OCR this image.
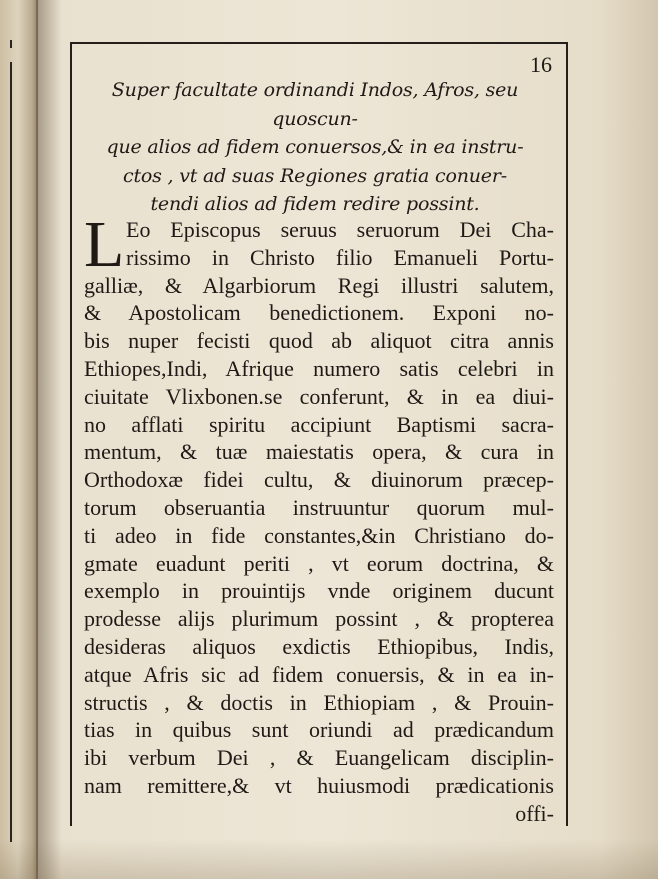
16
Super facultate ordinandi Indos, Afros, seu quoscun-
que alios ad fidem conuersos,& in ea instru-
ctos , vt ad suas Regiones gratia conuer-
tendi alios ad fidem redire possint.
L Eo Episcopus seruus seruorum Dei Cha-
rissimo in Christo filio Emanueli Portu-
galliæ, & Algarbiorum Regi illustri salutem,
& Apostolicam benedictionem. Exponi no-
bis nuper fecisti quod ab aliquot citra annis
Ethiopes,Indi, Afrique numero satis celebri in
ciuitate Vlixbonen.se conferunt, & in ea diui-
no afflati spiritu accipiunt Baptismi sacra-
mentum, & tuæ maiestatis opera, & cura in
Orthodoxæ fidei cultu, & diuinorum præcep-
torum obseruantia instruuntur quorum mul-
ti adeo in fide constantes,&in Christiano do-
gmate euadunt periti , vt eorum doctrina, &
exemplo in prouintijs vnde originem ducunt
prodesse alijs plurimum possint , & propterea
desideras aliquos exdictis Ethiopibus, Indis,
atque Afris sic ad fidem conuersis, & in ea in-
structis , & doctis in Ethiopiam , & Prouin-
tias in quibus sunt oriundi ad prædicandum
ibi verbum Dei , & Euangelicam disciplin-
nam remittere,& vt huiusmodi prædicationis
offi-
